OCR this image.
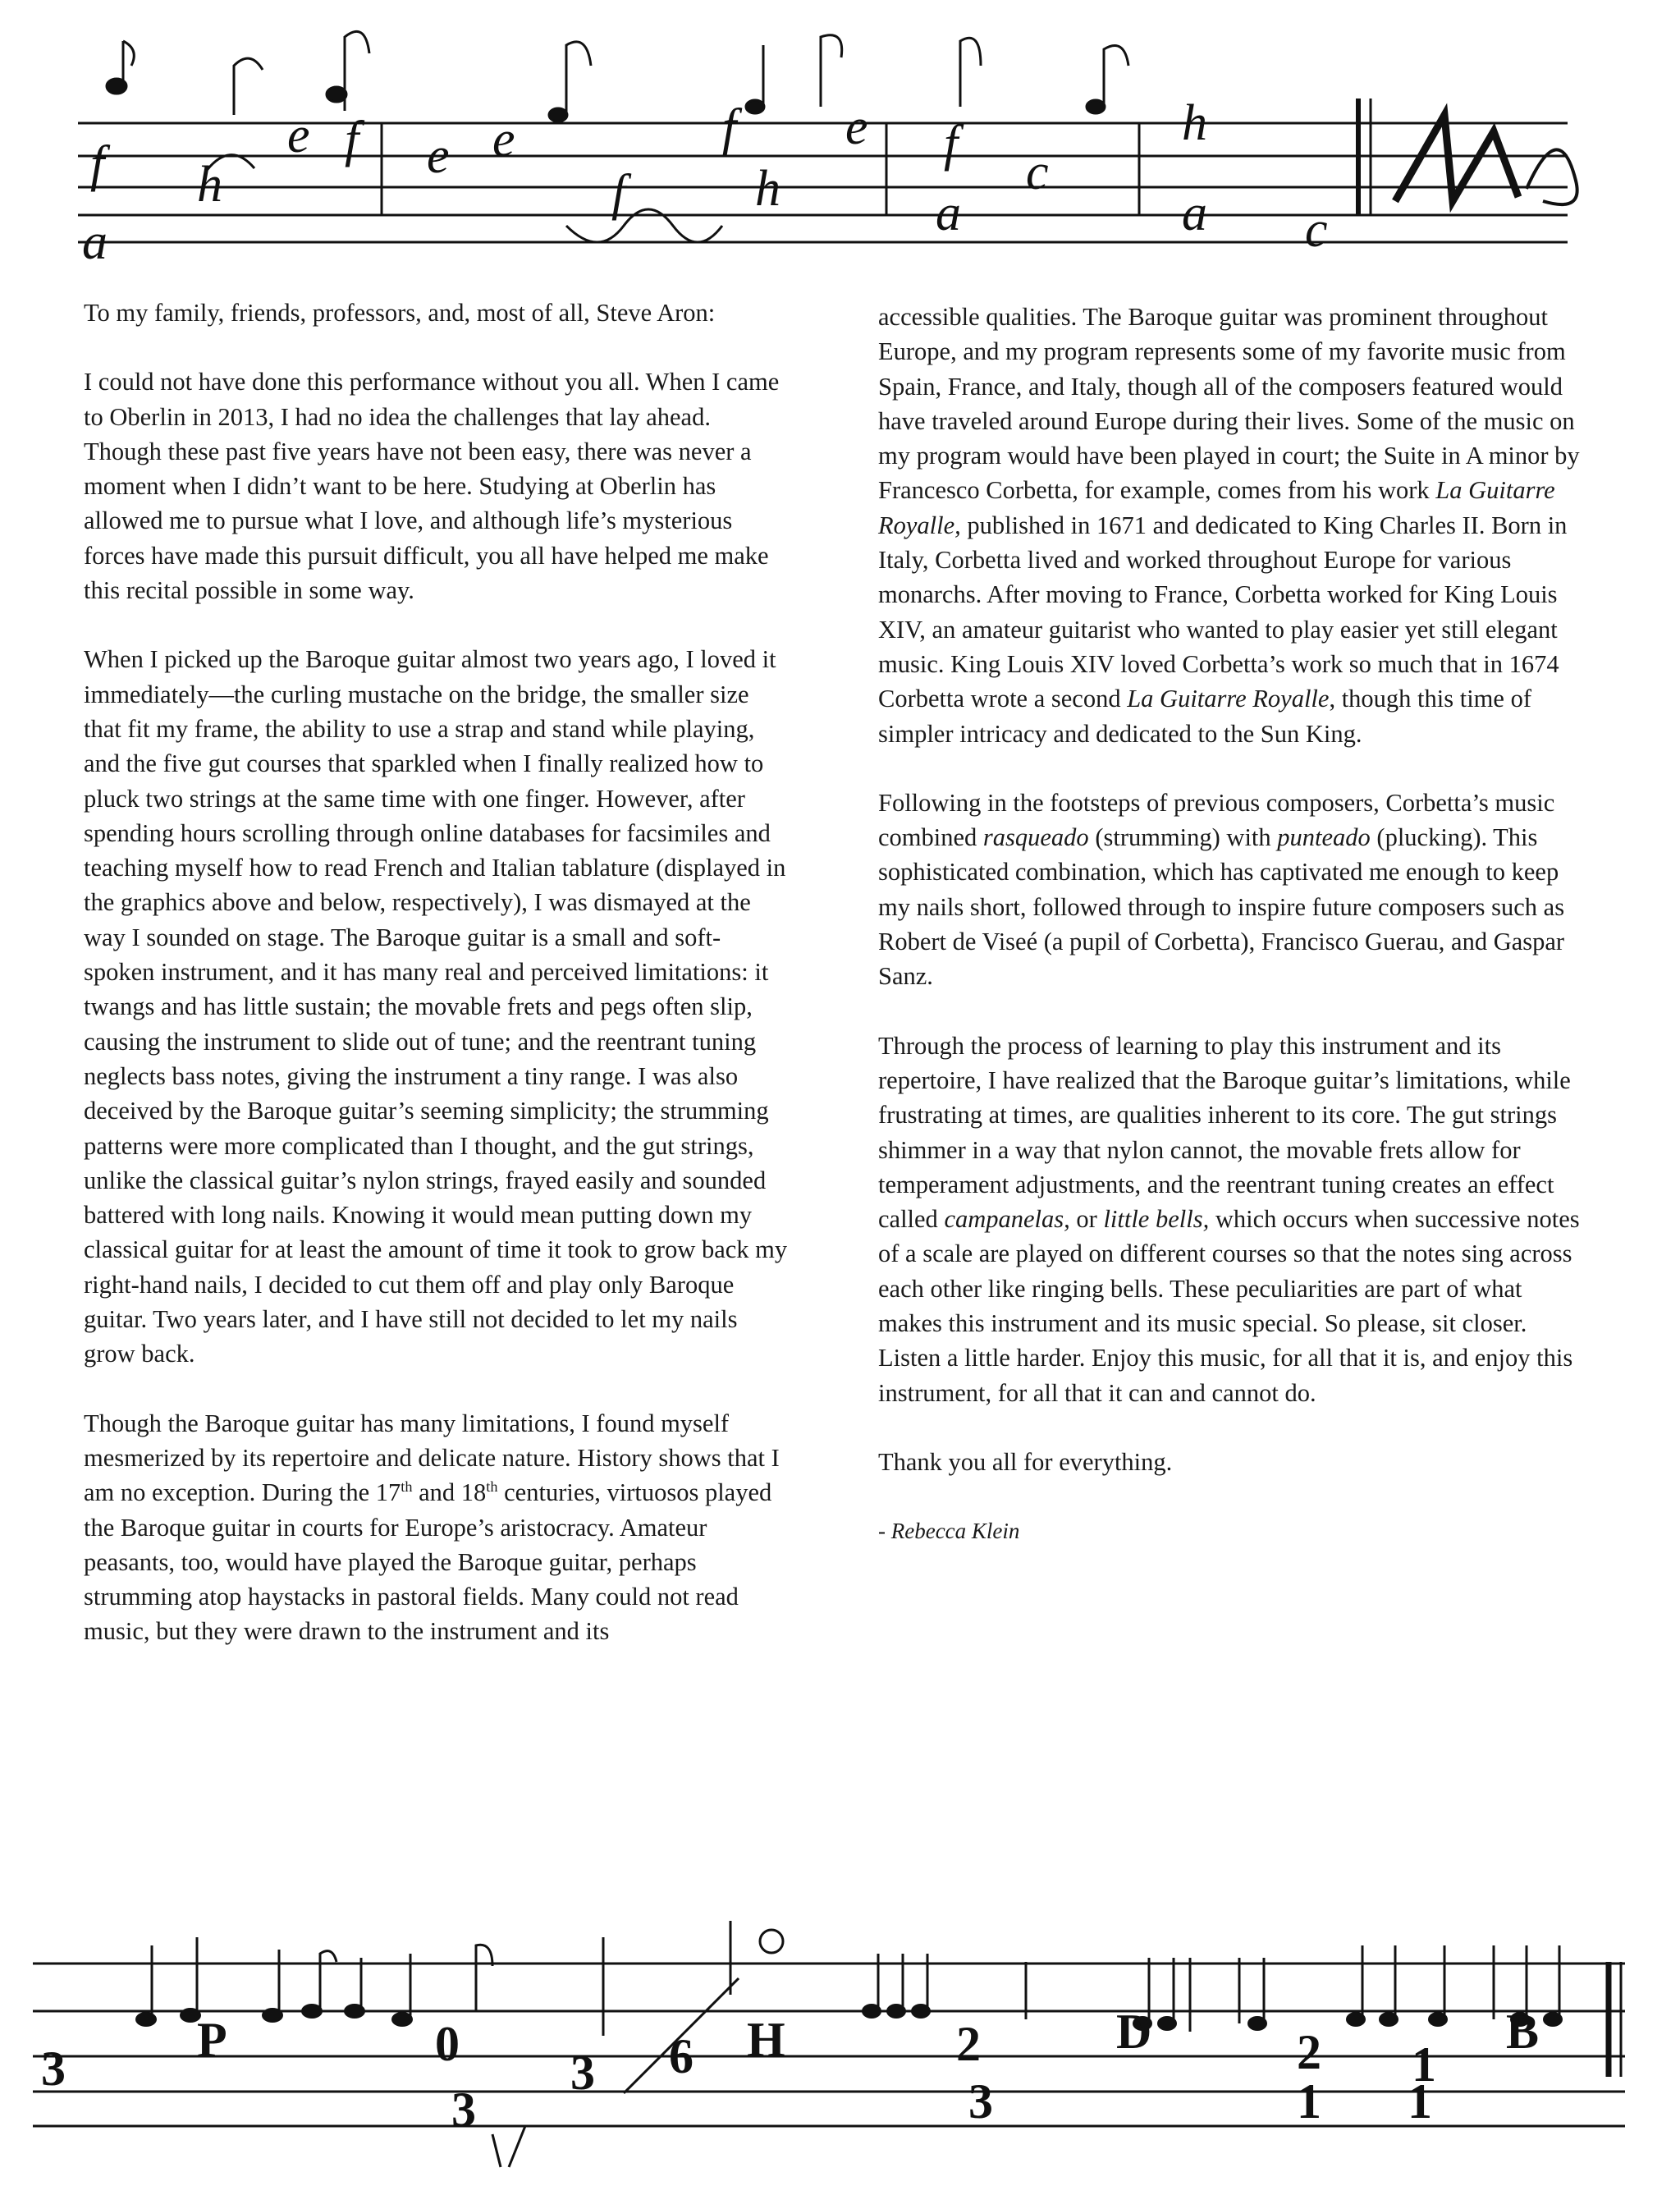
a
f h
e f e e
f	h
f e f
a
c
h
a c

To my family, friends, professors, and, most of all, Steve Aron:

I could not have done this performance without you all. When I came to Oberlin in 2013, I had no idea the challenges that lay ahead. Though these past five years have not been easy, there was never a moment when I didn’t want to be here. Studying at Oberlin has allowed me to pursue what I love, and although life’s mysterious forces have made this pursuit difficult, you all have helped me make this recital possible in some way.

When I picked up the Baroque guitar almost two years ago, I loved it immediately—the curling mustache on the bridge, the smaller size that fit my frame, the ability to use a strap and stand while playing, and the five gut courses that sparkled when I finally realized how to pluck two strings at the same time with one finger. However, after spending hours scrolling through online databases for facsimiles and teaching myself how to read French and Italian tablature (displayed in the graphics above and below, respectively), I was dismayed at the way I sounded on stage. The Baroque guitar is a small and soft-spoken instrument, and it has many real and perceived limitations: it twangs and has little sustain; the movable frets and pegs often slip, causing the instrument to slide out of tune; and the reentrant tuning neglects bass notes, giving the instrument a tiny range. I was also deceived by the Baroque guitar’s seeming simplicity; the strumming patterns were more complicated than I thought, and the gut strings, unlike the classical guitar’s nylon strings, frayed easily and sounded battered with long nails. Knowing it would mean putting down my classical guitar for at least the amount of time it took to grow back my right-hand nails, I decided to cut them off and play only Baroque guitar. Two years later, and I have still not decided to let my nails grow back.

Though the Baroque guitar has many limitations, I found myself mesmerized by its repertoire and delicate nature. History shows that I am no exception. During the 17th and 18th centuries, virtuosos played the Baroque guitar in courts for Europe’s aristocracy. Amateur peasants, too, would have played the Baroque guitar, perhaps strumming atop haystacks in pastoral fields. Many could not read music, but they were drawn to the instrument and its

accessible qualities. The Baroque guitar was prominent throughout Europe, and my program represents some of my favorite music from Spain, France, and Italy, though all of the composers featured would have traveled around Europe during their lives. Some of the music on my program would have been played in court; the Suite in A minor by Francesco Corbetta, for example, comes from his work La Guitarre Royalle, published in 1671 and dedicated to King Charles II. Born in Italy, Corbetta lived and worked throughout Europe for various monarchs. After moving to France, Corbetta worked for King Louis XIV, an amateur guitarist who wanted to play easier yet still elegant music. King Louis XIV loved Corbetta’s work so much that in 1674 Corbetta wrote a second La Guitarre Royalle, though this time of simpler intricacy and dedicated to the Sun King.

Following in the footsteps of previous composers, Corbetta’s music combined rasqueado (strumming) with punteado (plucking). This sophisticated combination, which has captivated me enough to keep my nails short, followed through to inspire future composers such as Robert de Viseé (a pupil of Corbetta), Francisco Guerau, and Gaspar Sanz.

Through the process of learning to play this instrument and its repertoire, I have realized that the Baroque guitar’s limitations, while frustrating at times, are qualities inherent to its core. The gut strings shimmer in a way that nylon cannot, the movable frets allow for temperament adjustments, and the reentrant tuning creates an effect called campanelas, or little bells, which occurs when successive notes of a scale are played on different courses so that the notes sing across each other like ringing bells. These peculiarities are part of what makes this instrument and its music special. So please, sit closer. Listen a little harder. Enjoy this music, for all that it is, and enjoy this instrument, for all that it can and cannot do.

Thank you all for everything.

- Rebecca Klein

3	0
3
3 6	2
3
2
1
1
1
P	H	D	B
